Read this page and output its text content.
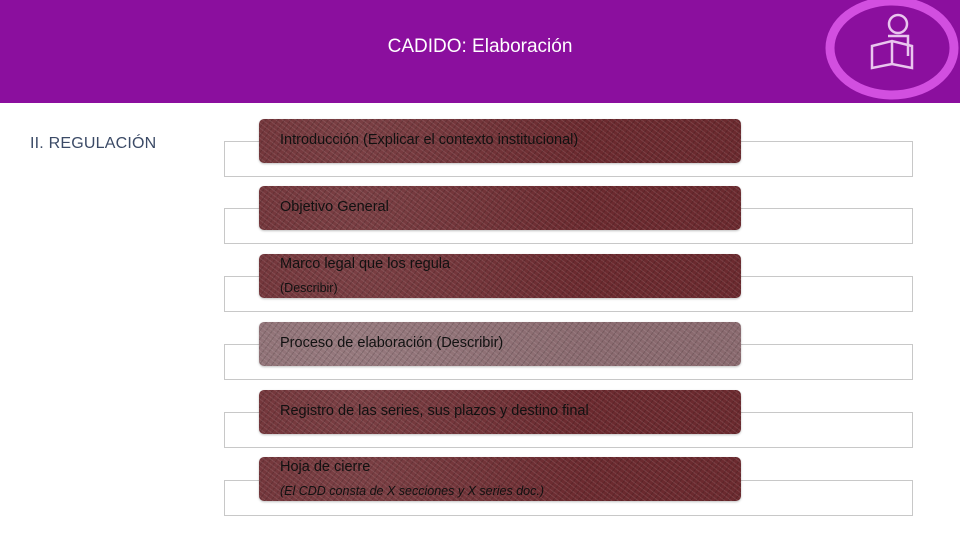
CADIDO: Elaboración
II. REGULACIÓN	Introducción (Explicar el contexto institucional)
Objetivo General
Marco legal que los regula
(Describir)
Proceso de elaboración (Describir)
Registro de las series, sus plazos y destino final
Hoja de cierre
(El CDD consta de X secciones y X series doc.)
